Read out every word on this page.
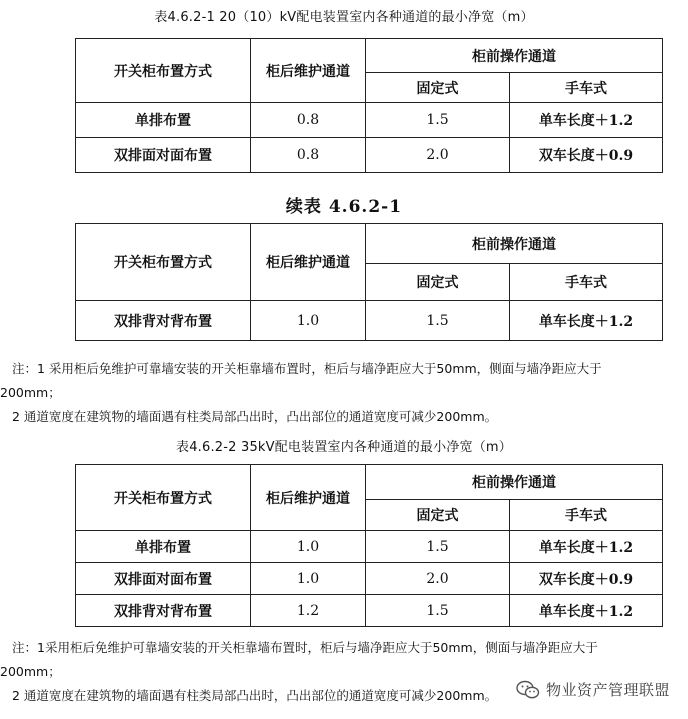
表4.6.2-1 20（10）kV配电装置室内各种通道的最小净宽（m）
开关柜布置方式	柜后维护通道	柜前操作通道	
		固定式	手车式
单排布置	0.8	1.5	单车长度＋1.2
双排面对面布置	0.8	2.0	双车长度＋0.9
续表 4.6.2-1
开关柜布置方式	柜后维护通道	柜前操作通道	
		固定式	手车式
双排背对背布置	1.0	1.5	单车长度＋1.2
注：1 采用柜后免维护可靠墙安装的开关柜靠墙布置时，柜后与墙净距应大于50mm，侧面与墙净距应大于
200mm；
2 通道宽度在建筑物的墙面遇有柱类局部凸出时，凸出部位的通道宽度可减少200mm。
表4.6.2-2 35kV配电装置室内各种通道的最小净宽（m）
开关柜布置方式	柜后维护通道	柜前操作通道	
		固定式	手车式
单排布置	1.0	1.5	单车长度＋1.2
双排面对面布置	1.0	2.0	双车长度＋0.9
双排背对背布置	1.2	1.5	单车长度＋1.2
注：1采用柜后免维护可靠墙安装的开关柜靠墙布置时，柜后与墙净距应大于50mm，侧面与墙净距应大于
200mm；
2 通道宽度在建筑物的墙面遇有柱类局部凸出时，凸出部位的通道宽度可减少200mm。	物业资产管理联盟
